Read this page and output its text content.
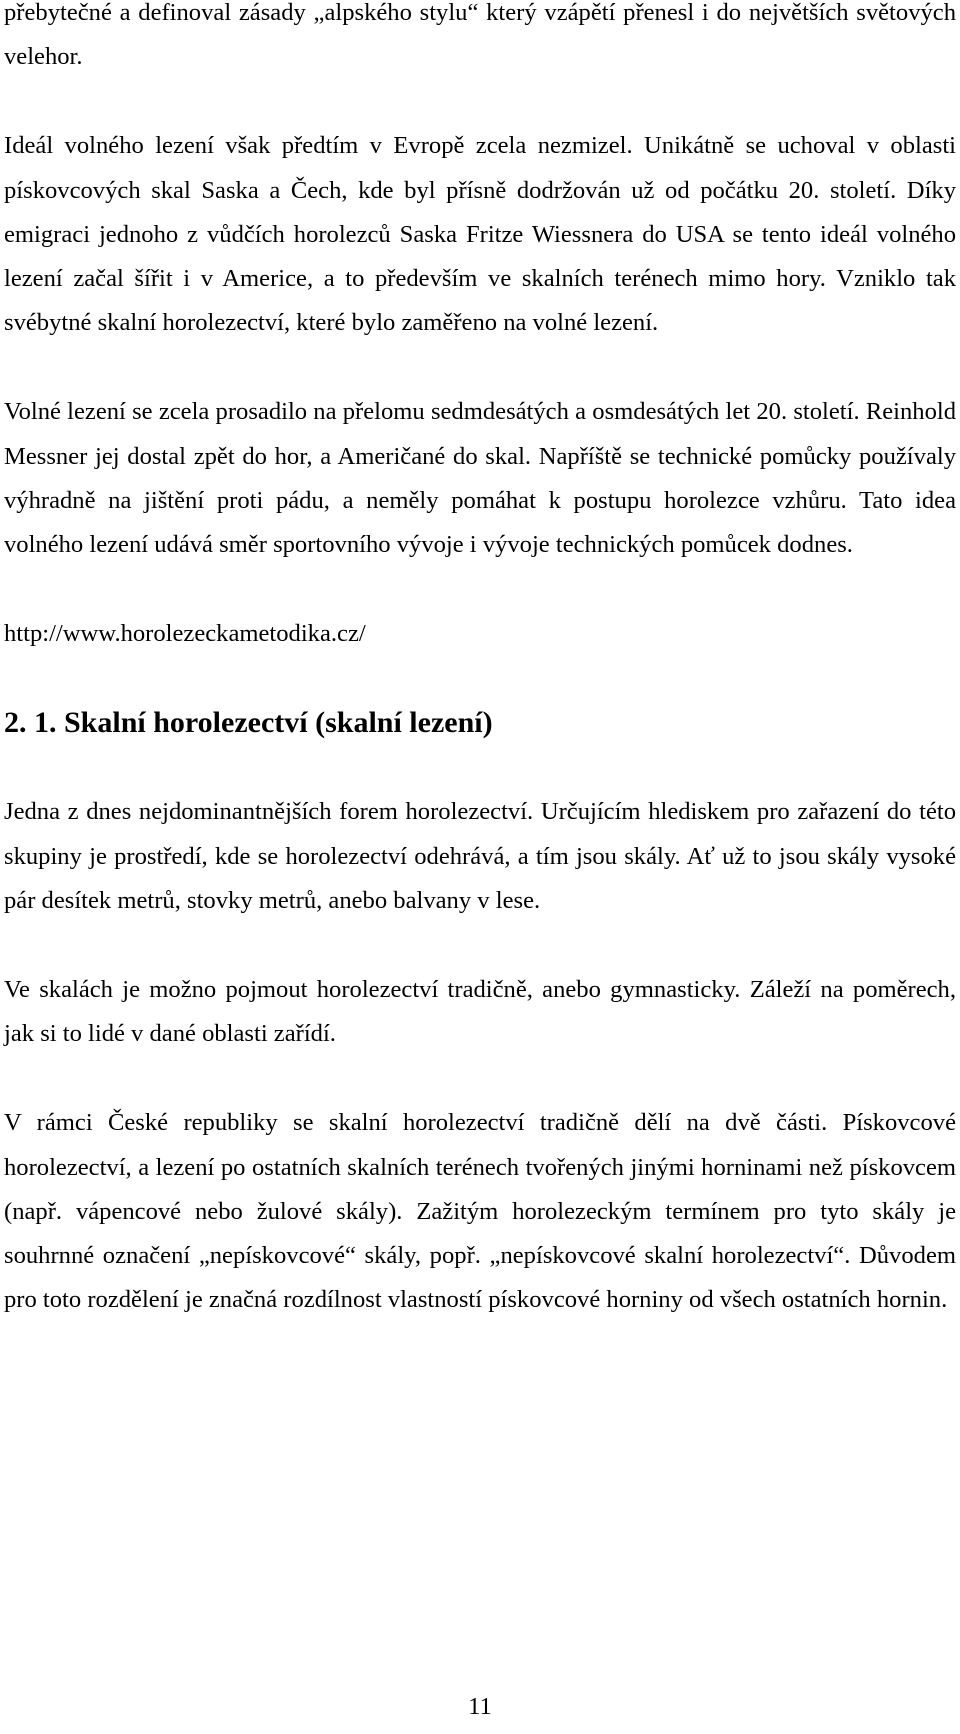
přebytečné a definoval zásady „alpského stylu“ který vzápětí přenesl i do největších světových velehor.

Ideál volného lezení však předtím v Evropě zcela nezmizel. Unikátně se uchoval v oblasti pískovcových skal Saska a Čech, kde byl přísně dodržován už od počátku 20. století. Díky emigraci jednoho z vůdčích horolezců Saska Fritze Wiessnera do USA se tento ideál volného lezení začal šířit i v Americe, a to především ve skalních terénech mimo hory. Vzniklo tak svébytné skalní horolezectví, které bylo zaměřeno na volné lezení.

Volné lezení se zcela prosadilo na přelomu sedmdesátých a osmdesátých let 20. století. Reinhold Messner jej dostal zpět do hor, a Američané do skal. Napříště se technické pomůcky používaly výhradně na jištění proti pádu, a neměly pomáhat k postupu horolezce vzhůru. Tato idea volného lezení udává směr sportovního vývoje i vývoje technických pomůcek dodnes.

http://www.horolezeckametodika.cz/

2. 1. Skalní horolezectví (skalní lezení)

Jedna z dnes nejdominantnějších forem horolezectví. Určujícím hlediskem pro zařazení do této skupiny je prostředí, kde se horolezectví odehrává, a tím jsou skály. Ať už to jsou skály vysoké pár desítek metrů, stovky metrů, anebo balvany v lese.

Ve skalách je možno pojmout horolezectví tradičně, anebo gymnasticky. Záleží na poměrech, jak si to lidé v dané oblasti zařídí.

V rámci České republiky se skalní horolezectví tradičně dělí na dvě části. Pískovcové horolezectví, a lezení po ostatních skalních terénech tvořených jinými horninami než pískovcem (např. vápencové nebo žulové skály). Zažitým horolezeckým termínem pro tyto skály je souhrnné označení „nepískovcové“ skály, popř. „nepískovcové skalní horolezectví“. Důvodem pro toto rozdělení je značná rozdílnost vlastností pískovcové horniny od všech ostatních hornin.

11
